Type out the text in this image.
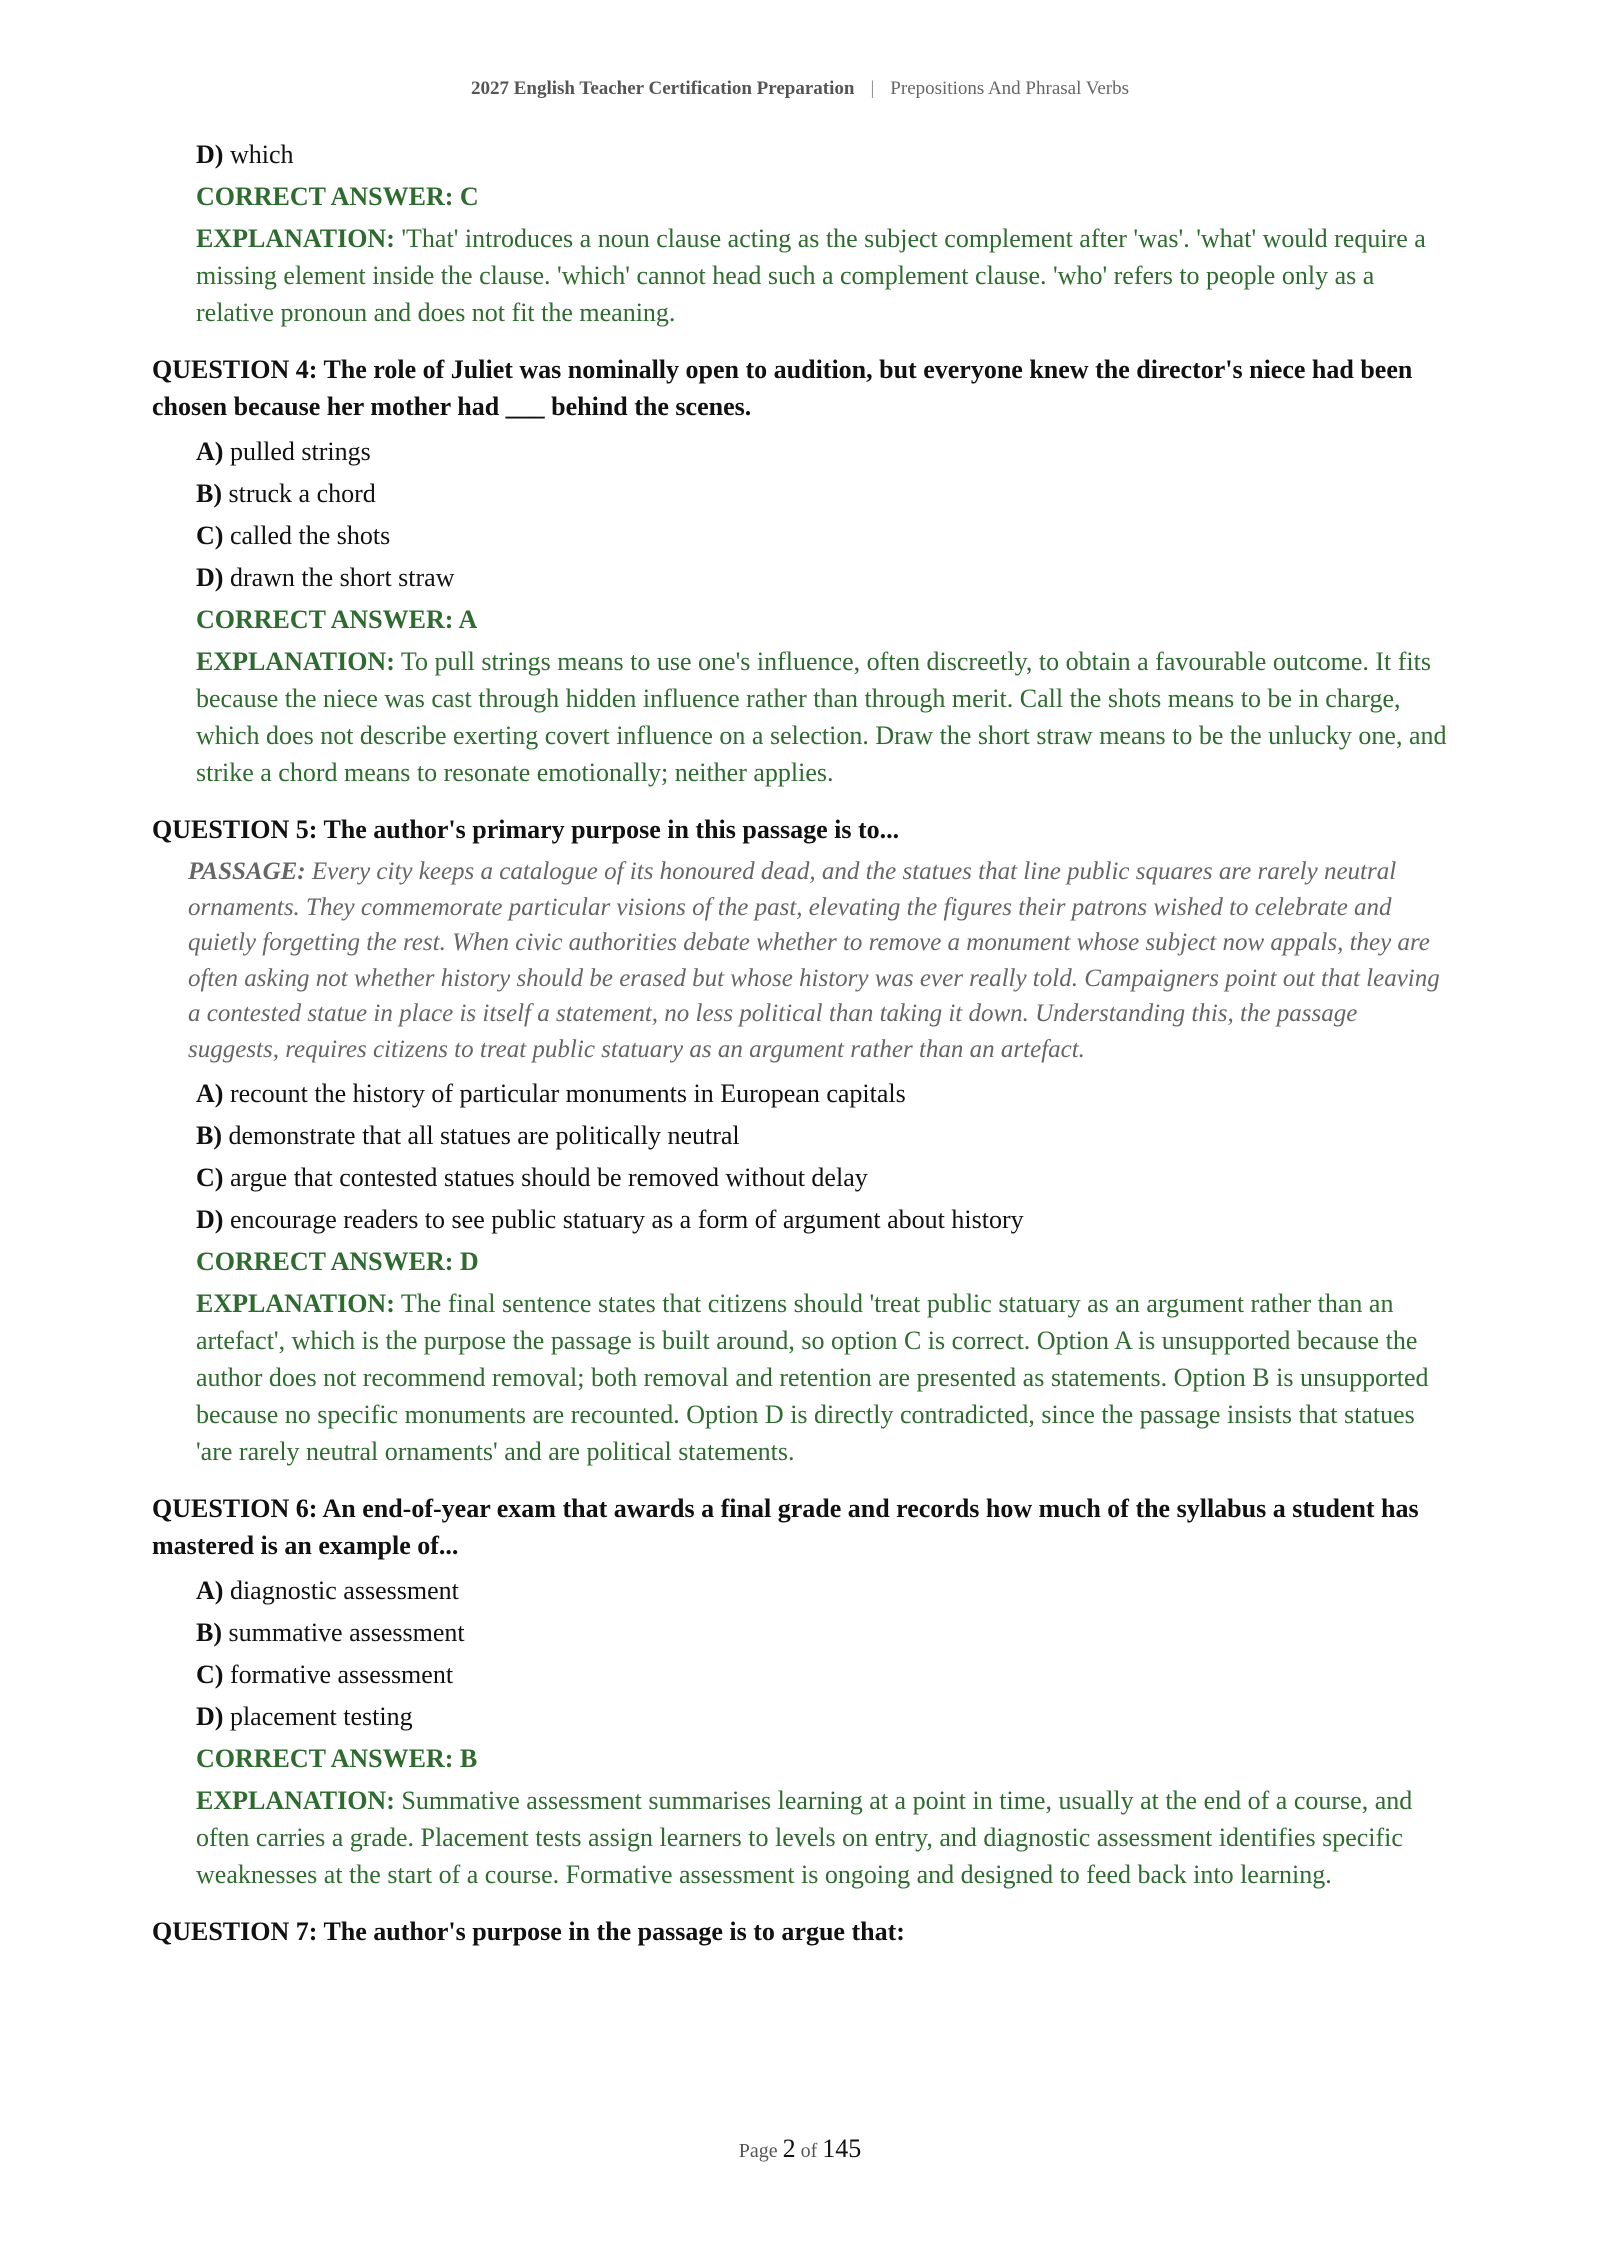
2027 English Teacher Certification Preparation | Prepositions And Phrasal Verbs
D) which
CORRECT ANSWER: C
EXPLANATION: 'That' introduces a noun clause acting as the subject complement after 'was'. 'what' would require a missing element inside the clause. 'which' cannot head such a complement clause. 'who' refers to people only as a relative pronoun and does not fit the meaning.
QUESTION 4: The role of Juliet was nominally open to audition, but everyone knew the director's niece had been chosen because her mother had ___ behind the scenes.
A) pulled strings
B) struck a chord
C) called the shots
D) drawn the short straw
CORRECT ANSWER: A
EXPLANATION: To pull strings means to use one's influence, often discreetly, to obtain a favourable outcome. It fits because the niece was cast through hidden influence rather than through merit. Call the shots means to be in charge, which does not describe exerting covert influence on a selection. Draw the short straw means to be the unlucky one, and strike a chord means to resonate emotionally; neither applies.
QUESTION 5: The author's primary purpose in this passage is to...
PASSAGE: Every city keeps a catalogue of its honoured dead, and the statues that line public squares are rarely neutral ornaments. They commemorate particular visions of the past, elevating the figures their patrons wished to celebrate and quietly forgetting the rest. When civic authorities debate whether to remove a monument whose subject now appals, they are often asking not whether history should be erased but whose history was ever really told. Campaigners point out that leaving a contested statue in place is itself a statement, no less political than taking it down. Understanding this, the passage suggests, requires citizens to treat public statuary as an argument rather than an artefact.
A) recount the history of particular monuments in European capitals
B) demonstrate that all statues are politically neutral
C) argue that contested statues should be removed without delay
D) encourage readers to see public statuary as a form of argument about history
CORRECT ANSWER: D
EXPLANATION: The final sentence states that citizens should 'treat public statuary as an argument rather than an artefact', which is the purpose the passage is built around, so option C is correct. Option A is unsupported because the author does not recommend removal; both removal and retention are presented as statements. Option B is unsupported because no specific monuments are recounted. Option D is directly contradicted, since the passage insists that statues 'are rarely neutral ornaments' and are political statements.
QUESTION 6: An end-of-year exam that awards a final grade and records how much of the syllabus a student has mastered is an example of...
A) diagnostic assessment
B) summative assessment
C) formative assessment
D) placement testing
CORRECT ANSWER: B
EXPLANATION: Summative assessment summarises learning at a point in time, usually at the end of a course, and often carries a grade. Placement tests assign learners to levels on entry, and diagnostic assessment identifies specific weaknesses at the start of a course. Formative assessment is ongoing and designed to feed back into learning.
QUESTION 7: The author's purpose in the passage is to argue that:
Page 2 of 145
